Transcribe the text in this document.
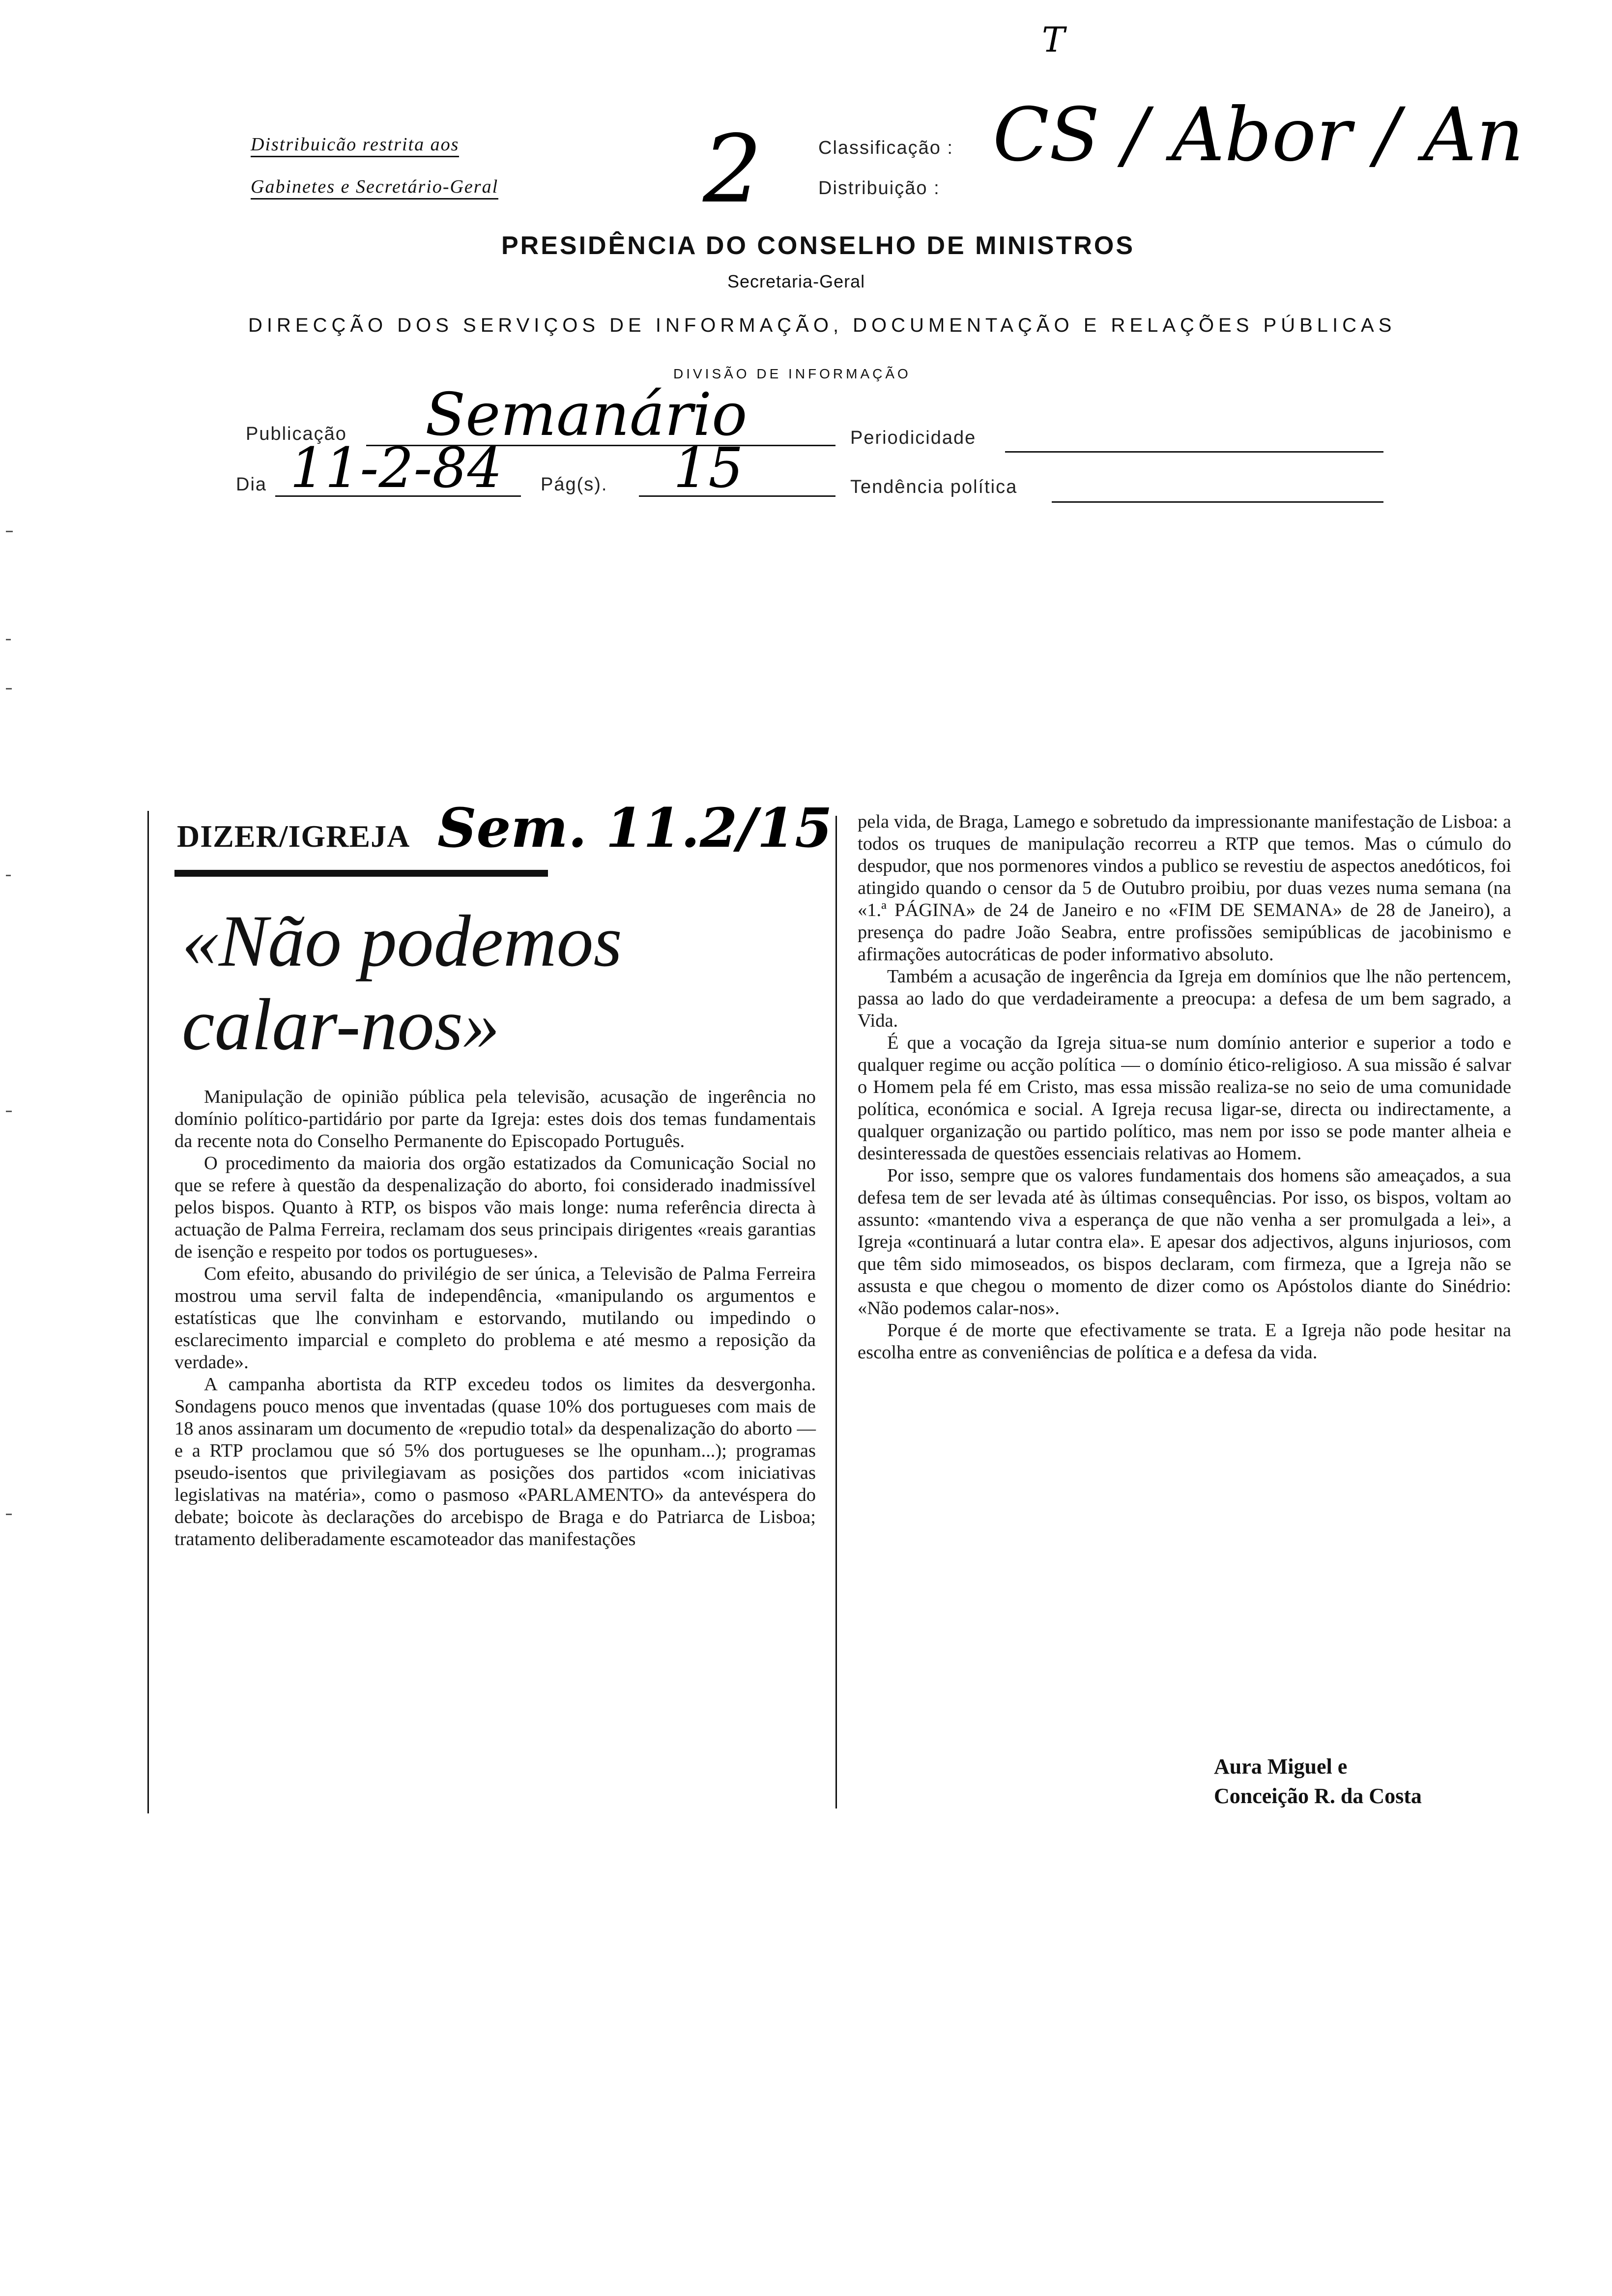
T
Distribuicão restrita aos
Gabinetes e Secretário-Geral 2	Classificação :
Distribuição :
CS / Abor / An
PRESIDÊNCIA DO CONSELHO DE MINISTROS
Secretaria-Geral
DIRECÇÃO DOS SERVIÇOS DE INFORMAÇÃO, DOCUMENTAÇÃO E RELAÇÕES PÚBLICAS
DIVISÃO DE INFORMAÇÃO
Publicação Semanário	Periodicidade
Dia 11-2-84 Pág(s). 15	Tendência política
DIZER/IGREJA Sem. 11.2/15
«Não podemos
calar-nos»

Manipulação de opinião pública pela televisão, acusação de ingerência no domínio político-partidário por parte da Igreja: estes dois dos temas fundamentais da recente nota do Conselho Permanente do Episcopado Português.

O procedimento da maioria dos orgão estatizados da Comunicação Social no que se refere à questão da despenalização do aborto, foi considerado inadmissível pelos bispos. Quanto à RTP, os bispos vão mais longe: numa referência directa à actuação de Palma Ferreira, reclamam dos seus principais dirigentes «reais garantias de isenção e respeito por todos os portugueses».

Com efeito, abusando do privilégio de ser única, a Televisão de Palma Ferreira mostrou uma servil falta de independência, «manipulando os argumentos e estatísticas que lhe convinham e estorvando, mutilando ou impedindo o esclarecimento imparcial e completo do problema e até mesmo a reposição da verdade».

A campanha abortista da RTP excedeu todos os limites da desvergonha. Sondagens pouco menos que inventadas (quase 10% dos portugueses com mais de 18 anos assinaram um documento de «repudio total» da despenalização do aborto — e a RTP proclamou que só 5% dos portugueses se lhe opunham...); programas pseudo-isentos que privilegiavam as posições dos partidos «com iniciativas legislativas na matéria», como o pasmoso «PARLAMENTO» da antevéspera do debate; boicote às declarações do arcebispo de Braga e do Patriarca de Lisboa; tratamento deliberadamente escamoteador das manifestações

pela vida, de Braga, Lamego e sobretudo da impressionante manifestação de Lisboa: a todos os truques de manipulação recorreu a RTP que temos. Mas o cúmulo do despudor, que nos pormenores vindos a publico se revestiu de aspectos anedóticos, foi atingido quando o censor da 5 de Outubro proibiu, por duas vezes numa semana (na «1.ª PÁGINA» de 24 de Janeiro e no «FIM DE SEMANA» de 28 de Janeiro), a presença do padre João Seabra, entre profissões semipúblicas de jacobinismo e afirmações autocráticas de poder informativo absoluto.

Também a acusação de ingerência da Igreja em domínios que lhe não pertencem, passa ao lado do que verdadeiramente a preocupa: a defesa de um bem sagrado, a Vida.

É que a vocação da Igreja situa-se num domínio anterior e superior a todo e qualquer regime ou acção política — o domínio ético-religioso. A sua missão é salvar o Homem pela fé em Cristo, mas essa missão realiza-se no seio de uma comunidade política, económica e social. A Igreja recusa ligar-se, directa ou indirectamente, a qualquer organização ou partido político, mas nem por isso se pode manter alheia e desinteressada de questões essenciais relativas ao Homem.

Por isso, sempre que os valores fundamentais dos homens são ameaçados, a sua defesa tem de ser levada até às últimas consequências. Por isso, os bispos, voltam ao assunto: «mantendo viva a esperança de que não venha a ser promulgada a lei», a Igreja «continuará a lutar contra ela». E apesar dos adjectivos, alguns injuriosos, com que têm sido mimoseados, os bispos declaram, com firmeza, que a Igreja não se assusta e que chegou o momento de dizer como os Apóstolos diante do Sinédrio: «Não podemos calar-nos».

Porque é de morte que efectivamente se trata. E a Igreja não pode hesitar na escolha entre as conveniências de política e a defesa da vida.

Aura Miguel e
Conceição R. da Costa
